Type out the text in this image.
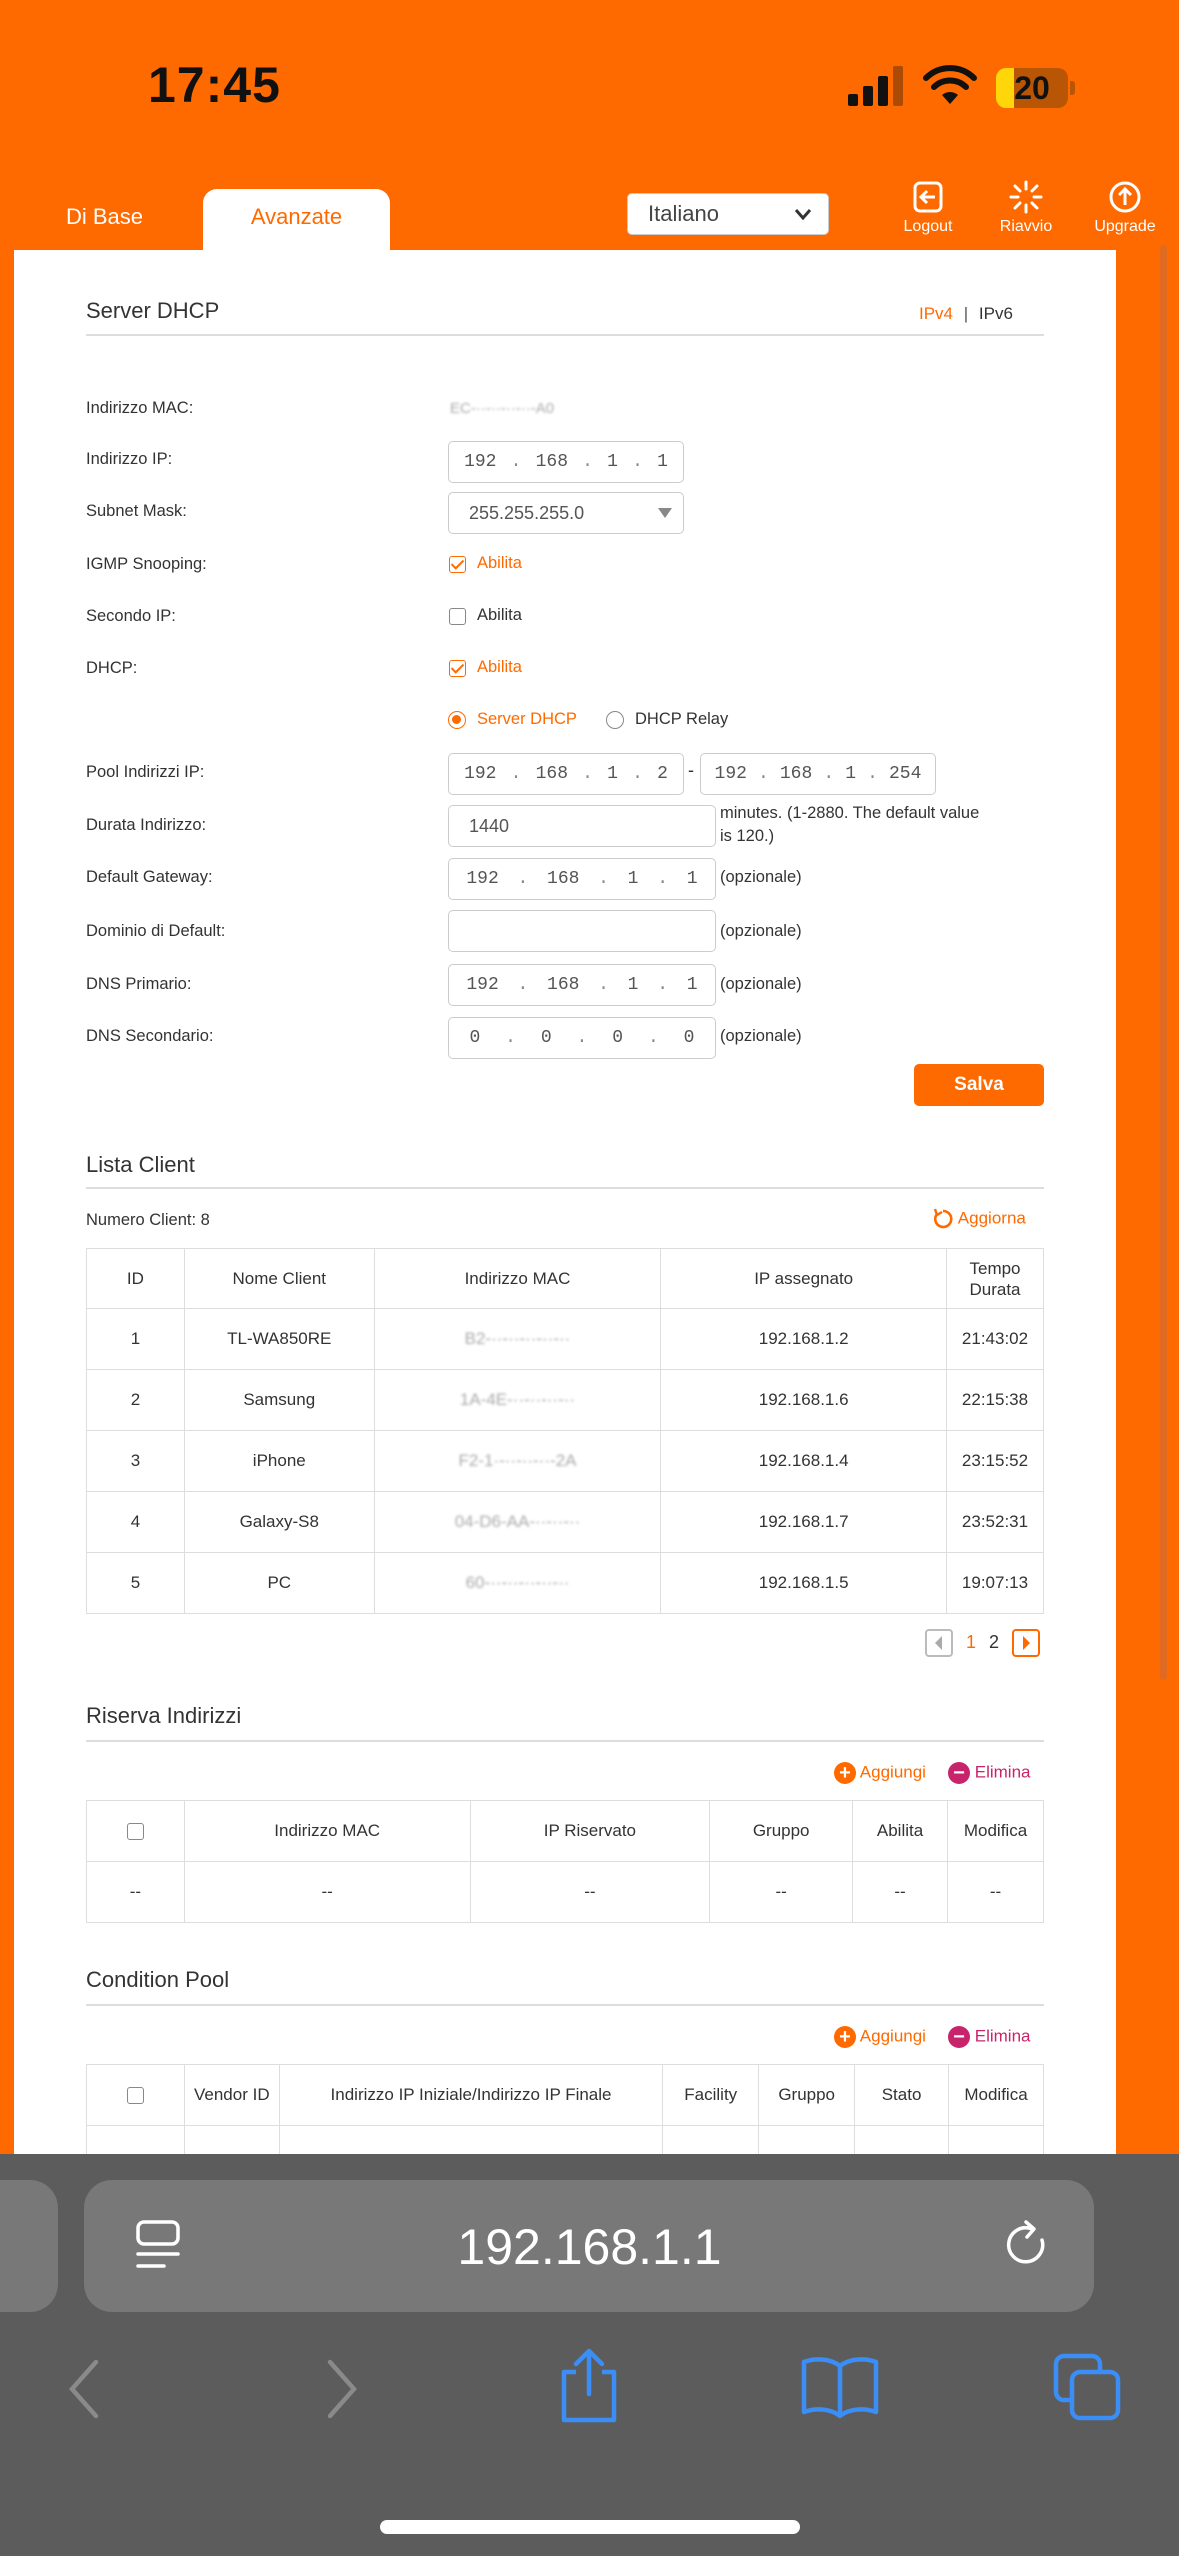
17:45	20
Di Base	Avanzate	Italiano
Logout	Riavvio	Upgrade
Server DHCP	IPv4 | IPv6
Indirizzo MAC:	EC-··-··-··-··-A0
Indirizzo IP:	192 . 168 . 1 . 1
Subnet Mask:	255.255.255.0
IGMP Snooping:	Abilita
Secondo IP:	Abilita
DHCP:	Abilita
Server DHCP	DHCP Relay
Pool Indirizzi IP:	192 . 168 . 1 . 2 - 192 . 168 . 1 . 254
Durata Indirizzo:	1440
minutes. (1-2880. The default value
is 120.)
Default Gateway:	192 . 168 . 1 . 1 (opzionale)
Dominio di Default:	(opzionale)
DNS Primario:	192 . 168 . 1 . 1 (opzionale)
DNS Secondario:	0 . 0 . 0 . 0 (opzionale)
Salva
Lista Client
Numero Client: 8	Aggiorna
ID	Nome Client	Indirizzo MAC	IP assegnato	Tempo
Durata
1	TL-WA850RE	B2-··-··-··-··-··	192.168.1.2	21:43:02
2	Samsung	1A-4E-··-··-··-··	192.168.1.6	22:15:38
3	iPhone	F2-1·-··-··-··-2A	192.168.1.4	23:15:52
4	Galaxy-S8	04-D6-AA-··-··-··	192.168.1.7	23:52:31
5	PC	60-··-··-··-··-··	192.168.1.5	19:07:13
1 2
Riserva Indirizzi
+ Aggiungi − Elimina
	Indirizzo MAC	IP Riservato	Gruppo	Abilita	Modifica
--	--	--	--	--	--
Condition Pool
+ Aggiungi − Elimina
	Vendor ID	Indirizzo IP Iniziale/Indirizzo IP Finale	Facility	Gruppo	Stato	Modifica

192.168.1.1
